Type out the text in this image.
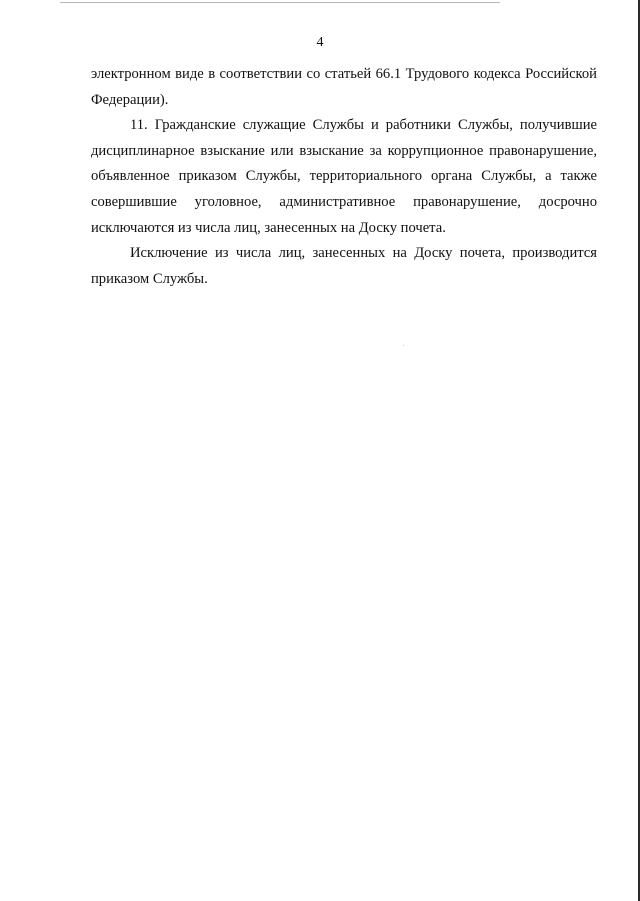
4

электронном виде в соответствии со статьей 66.1 Трудового кодекса Российской Федерации).

11. Гражданские служащие Службы и работники Службы, получившие дисциплинарное взыскание или взыскание за коррупционное правонарушение, объявленное приказом Службы, территориального органа Службы, а также совершившие уголовное, административное правонарушение, досрочно исключаются из числа лиц, занесенных на Доску почета.

Исключение из числа лиц, занесенных на Доску почета, производится приказом Службы.
